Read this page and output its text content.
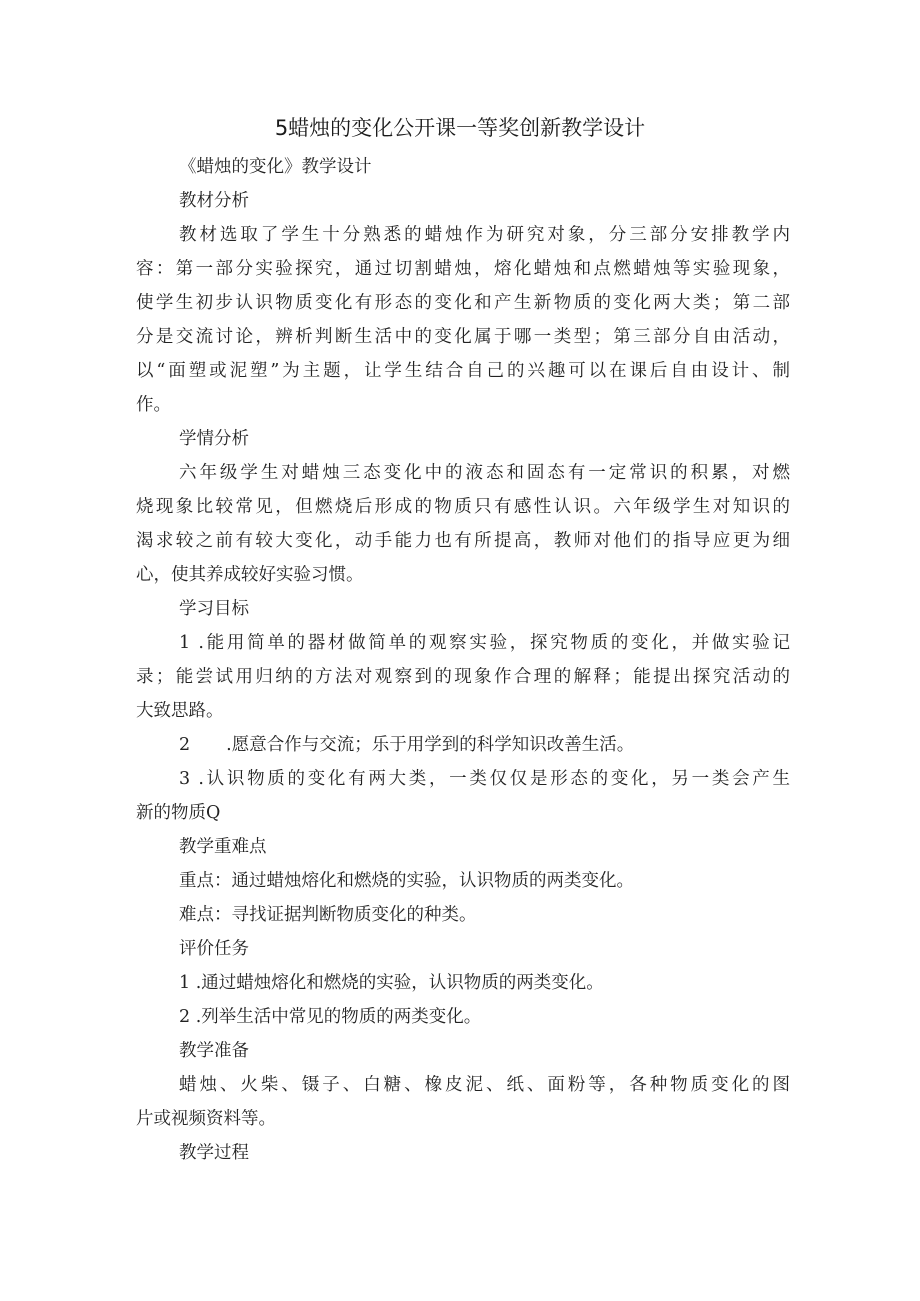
5蜡烛的变化公开课一等奖创新教学设计
《蜡烛的变化》教学设计
教材分析
教材选取了学生十分熟悉的蜡烛作为研究对象，分三部分安排教学内
容：第一部分实验探究，通过切割蜡烛，熔化蜡烛和点燃蜡烛等实验现象，
使学生初步认识物质变化有形态的变化和产生新物质的变化两大类；第二部
分是交流讨论，辨析判断生活中的变化属于哪一类型；第三部分自由活动，
以“面塑或泥塑”为主题，让学生结合自己的兴趣可以在课后自由设计、制
作。
学情分析
六年级学生对蜡烛三态变化中的液态和固态有一定常识的积累，对燃
烧现象比较常见，但燃烧后形成的物质只有感性认识。六年级学生对知识的
渴求较之前有较大变化，动手能力也有所提高，教师对他们的指导应更为细
心，使其养成较好实验习惯。
学习目标
1 .能用简单的器材做简单的观察实验，探究物质的变化，并做实验记
录；能尝试用归纳的方法对观察到的现象作合理的解释；能提出探究活动的
大致思路。
2 .愿意合作与交流；乐于用学到的科学知识改善生活。
3 .认识物质的变化有两大类，一类仅仅是形态的变化，另一类会产生
新的物质Q
教学重难点
重点：通过蜡烛熔化和燃烧的实验，认识物质的两类变化。
难点：寻找证据判断物质变化的种类。
评价任务
1 .通过蜡烛熔化和燃烧的实验，认识物质的两类变化。
2 .列举生活中常见的物质的两类变化。
教学准备
蜡烛、火柴、镊子、白糖、橡皮泥、纸、面粉等，各种物质变化的图
片或视频资料等。
教学过程
